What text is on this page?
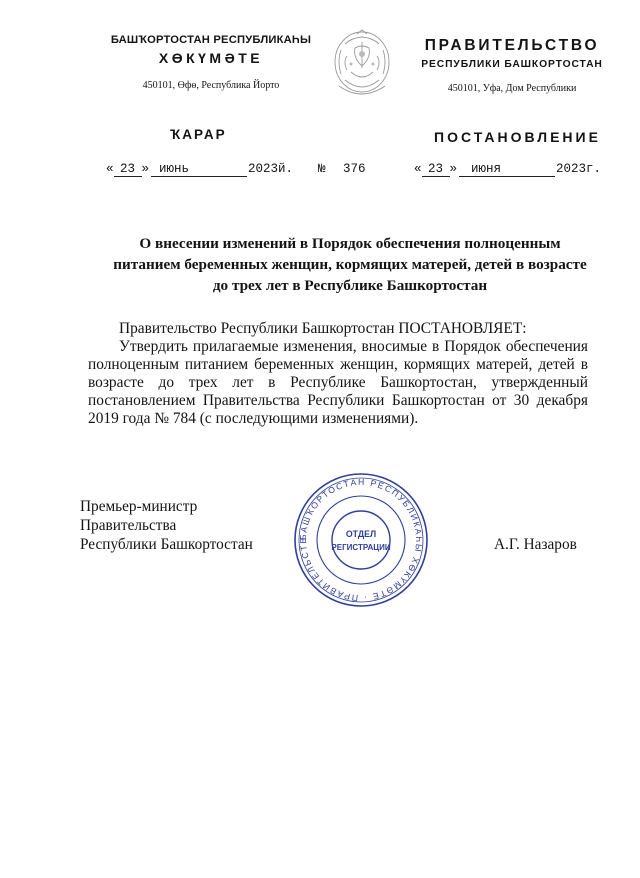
БАШҠОРТОСТАН РЕСПУБЛИКАҺЫ
ХӨКҮМӘТЕ
450101, Өфө, Республика Йорто
ПРАВИТЕЛЬСТВО
РЕСПУБЛИКИ БАШКОРТОСТАН
450101, Уфа, Дом Республики
ҠАРАР	ПОСТАНОВЛЕНИЕ
« 23 » июнь	2023й. № 376	« 23 » июня	2023г.
О внесении изменений в Порядок обеспечения полноценным питанием беременных женщин, кормящих матерей, детей в возрасте до трех лет в Республике Башкортостан
Правительство Республики Башкортостан ПОСТАНОВЛЯЕТ:
Утвердить прилагаемые изменения, вносимые в Порядок обеспечения полноценным питанием беременных женщин, кормящих матерей, детей в возрасте до трех лет в Республике Башкортостан, утвержденный постановлением Правительства Республики Башкортостан от 30 декабря 2019 года № 784 (с последующими изменениями).
Премьер-министр
Правительства
Республики Башкортостан	А.Г. Назаров
БАШҠОРТОСТАН РЕСПУБЛИКАҺЫ ХӨКҮМӘТЕ · ПРАВИТЕЛЬСТВ
ОТДЕЛ
РЕГИСТРАЦИИ
